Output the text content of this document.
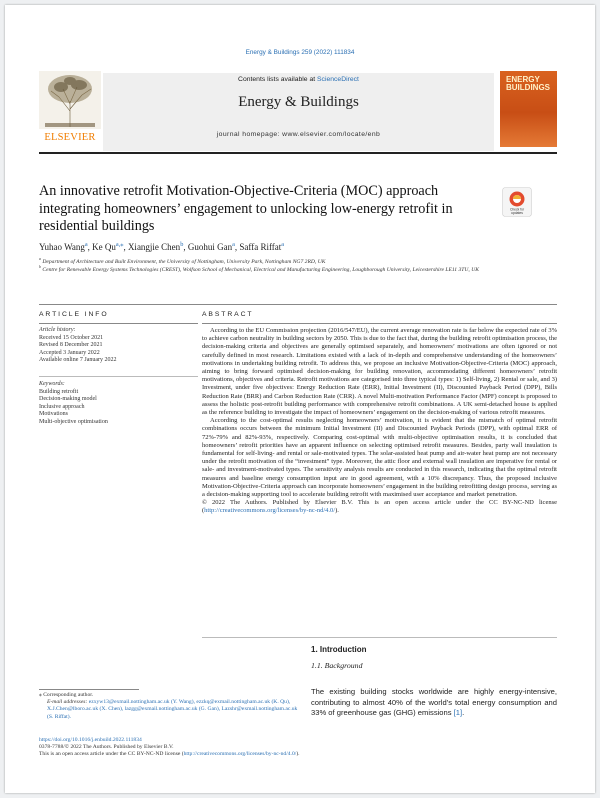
Energy & Buildings 259 (2022) 111834
ELSEVIER
Contents lists available at ScienceDirect
Energy & Buildings
journal homepage: www.elsevier.com/locate/enb
ENERGY BUILDINGS
An innovative retrofit Motivation-Objective-Criteria (MOC) approach integrating homeowners’ engagement to unlocking low-energy retrofit in residential buildings
Check for
updates
Yuhao Wang$^a$, Ke $Qu^{a,⁎}$, Xiangjie Chen$^b$, Guohui Gan$^a$, Saffa Riffat$^a$
$^a$ Department of Architecture and Built Environment, the University of Nottingham, University Park, Nottingham NG7 2RD, UK
$^b$ Centre for Renewable Energy Systems Technologies (CREST), Wolfson School of Mechanical, Electrical and Manufacturing Engineering, Loughborough University, Leicestershire LE11 3TU, UK
ARTICLE INFO
Article history:
Received 15 October 2021
Revised 8 December 2021
Accepted 3 January 2022
Available online 7 January 2022
Keywords:
Building retrofit
Decision-making model
Inclusive approach
Motivations
Multi-objective optimisation
ABSTRACT

According to the EU Commission projection (2016/547/EU), the current average renovation rate is far below the expected rate of 3% to achieve carbon neutrality in building sectors by 2050. This is due to the fact that, during the building retrofit optimisation process, the decision-making criteria and objectives are generally optimised separately, and homeowners’ motivations are often ignored or not carefully defined in most research. Limitations existed with a lack of in-depth and comprehensive understanding of the homeowners’ motivations in undertaking building retrofit. To address this, we propose an inclusive Motivation-Objective-Criteria (MOC) approach, aiming to bring forward optimised decision-making for building renovation, accommodating different homeowners’ retrofit motivations, objectives and criteria. Retrofit motivations are categorised into three typical types: 1) Self-living, 2) Rental or sale, and 3) Investment, under five objectives: Energy Reduction Rate (ERR), Initial Investment (II), Discounted Payback Period (DPP), Bills Reduction Rate (BRR) and Carbon Reduction Rate (CRR). A novel Multi-motivation Performance Factor (MPF) concept is proposed to assess the holistic post-retrofit building performance with comprehensive retrofit combinations. A UK semi-detached house is applied as the reference building to investigate the impact of homeowners’ engagement on the decision-making of various retrofit measures.

According to the cost-optimal results neglecting homeowners’ motivation, it is evident that the mismatch of optimal retrofit combinations occurs between the minimum Initial Investment (II) and Discounted Payback Periods (DPP), with optimal ERR of 72%-79% and 82%-93%, respectively. Comparing cost-optimal with multi-objective optimisation results, it is concluded that homeowners’ retrofit priorities have an apparent influence on selecting optimised retrofit measures. Besides, party wall insulation is fundamental for self-living- and rental or sale-motivated types. The solar-assisted heat pump and air-water heat pump are not necessary under the retrofit motivation of the “investment” type. Moreover, the attic floor and external wall insulation are imperative for rental or sale- and investment-motivated types. The sensitivity analysis results are conducted in this research, indicating that the optimal retrofit measures and baseline energy consumption input are in good agreement, with a 10% discrepancy. Thus, the proposed inclusive Motivation-Objective-Criteria approach can incorporate homeowners’ engagement in the building retrofitting design process, serving as a decision-making supporting tool to accelerate building retrofit with maximised user acceptance and market penetration.

© 2022 The Authors. Published by Elsevier B.V. This is an open access article under the CC BY-NC-ND license (http://creativecommons.org/licenses/by-nc-nd/4.0/).

1. Introduction
1.1. Background
The existing building stocks worldwide are highly energy-intensive, contributing to almost 40% of the world’s total energy consumption and 33% of greenhouse gas (GHG) emissions [1].
⁎ Corresponding author.
E-mail addresses: ezxyw13@exmail.nottingham.ac.uk (Y. Wang), ezzkq@exmail.nottingham.ac.uk (K. Qu), X.J.Chen@lboro.ac.uk (X. Chen), lazgg@exmail.nottingham.ac.uk (G. Gan), Lazshr@exmail.nottingham.ac.uk (S. Riffat).
https://doi.org/10.1016/j.enbuild.2022.111834
0378-7788/© 2022 The Authors. Published by Elsevier B.V.
This is an open access article under the CC BY-NC-ND license (http://creativecommons.org/licenses/by-nc-nd/4.0/).
